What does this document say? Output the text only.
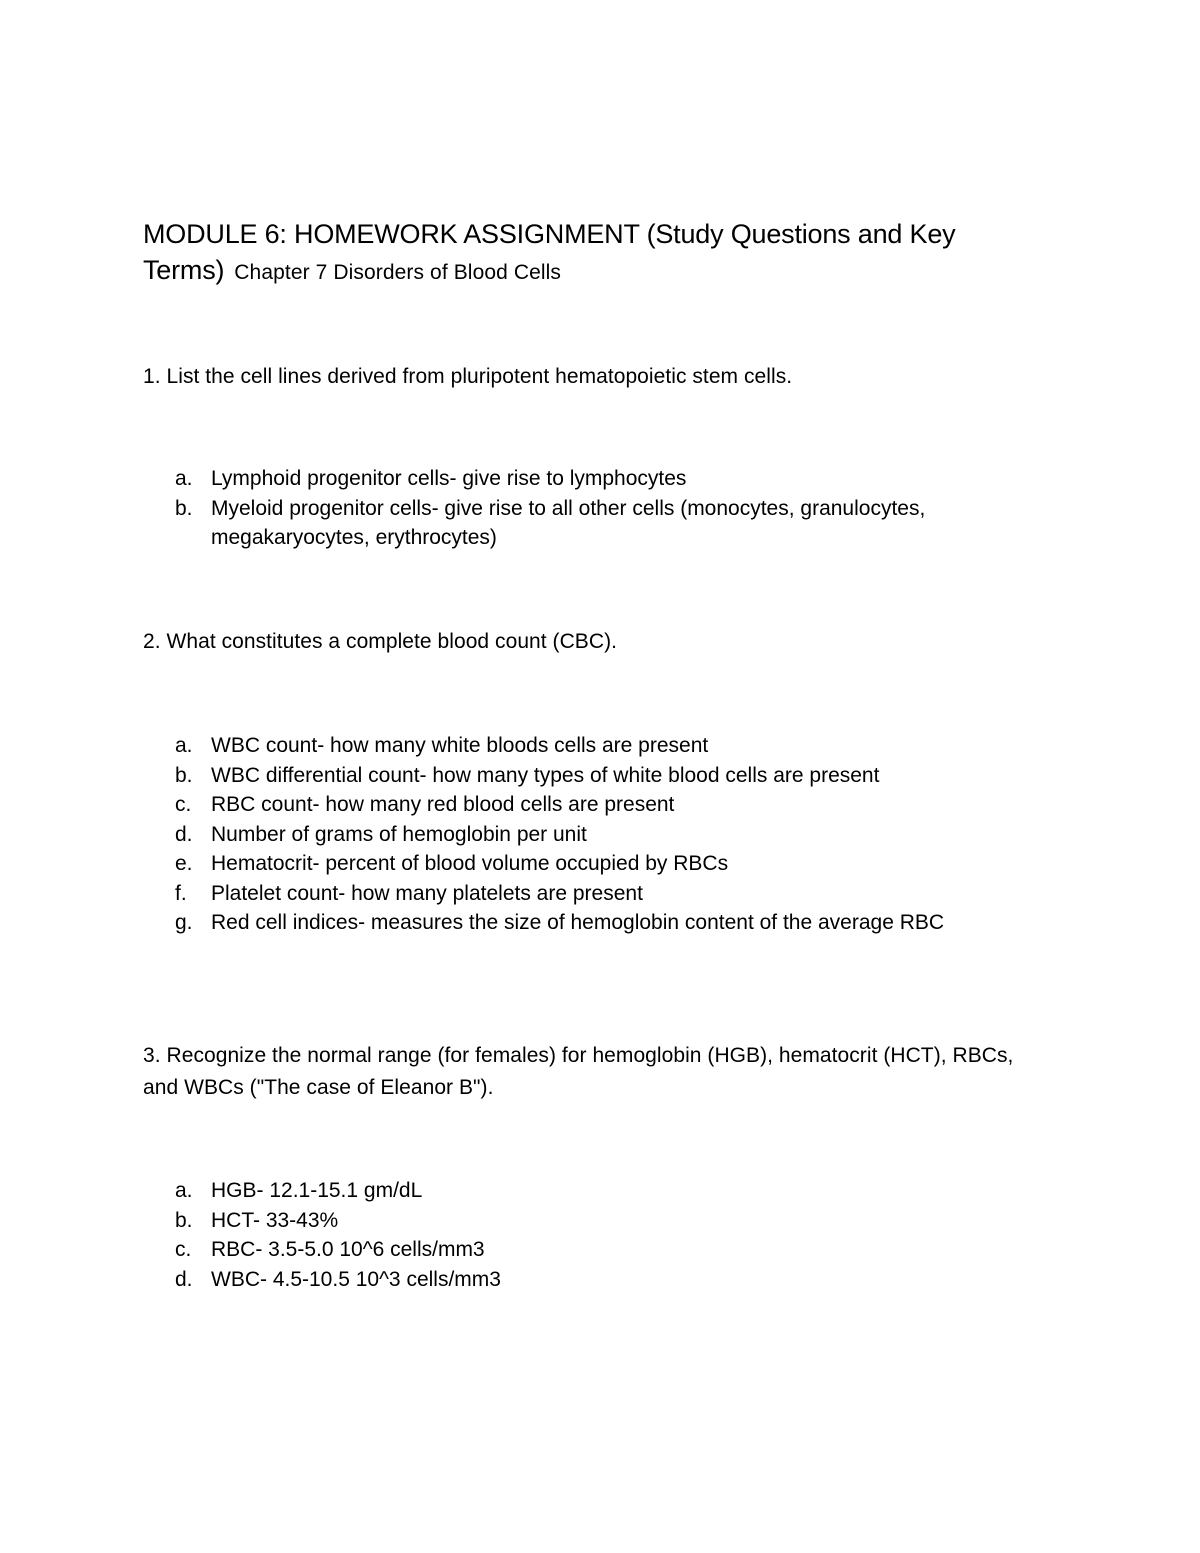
MODULE 6: HOMEWORK ASSIGNMENT (Study Questions and Key Terms) Chapter 7 Disorders of Blood Cells

1. List the cell lines derived from pluripotent hematopoietic stem cells.

a. Lymphoid progenitor cells- give rise to lymphocytes
b. Myeloid progenitor cells- give rise to all other cells (monocytes, granulocytes, megakaryocytes, erythrocytes)

2. What constitutes a complete blood count (CBC).

a. WBC count- how many white bloods cells are present
b. WBC differential count- how many types of white blood cells are present
c. RBC count- how many red blood cells are present
d. Number of grams of hemoglobin per unit
e. Hematocrit- percent of blood volume occupied by RBCs
f. Platelet count- how many platelets are present
g. Red cell indices- measures the size of hemoglobin content of the average RBC

3. Recognize the normal range (for females) for hemoglobin (HGB), hematocrit (HCT), RBCs, and WBCs ("The case of Eleanor B").

a. HGB- 12.1-15.1 gm/dL
b. HCT- 33-43%
c. RBC- 3.5-5.0 10^6 cells/mm3
d. WBC- 4.5-10.5 10^3 cells/mm3
